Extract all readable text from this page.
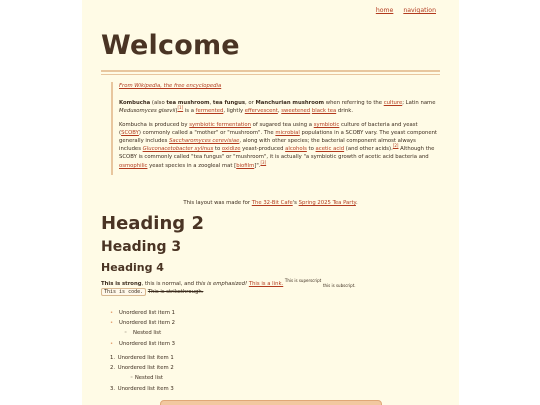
home navigation
Welcome

From Wikipedia, the free encyclopedia

Kombucha (also tea mushroom, tea fungus, or Manchurian mushroom when referring to the culture; Latin name Medusomyces gisevii)[1] is a fermented, lightly effervescent, sweetened black tea drink.

Kombucha is produced by symbiotic fermentation of sugared tea using a symbiotic culture of bacteria and yeast (SCOBY) commonly called a "mother" or "mushroom". The microbial populations in a SCOBY vary. The yeast component generally includes Saccharomyces cerevisiae, along with other species; the bacterial component almost always includes Gluconacetobacter xylinus to oxidize yeast-produced alcohols to acetic acid (and other acids).[2] Although the SCOBY is commonly called "tea fungus" or "mushroom", it is actually "a symbiotic growth of acetic acid bacteria and osmophilic yeast species in a zoogleal mat [biofilm]".[3]

This layout was made for The 32-Bit Cafe's Spring 2025 Tea Party.
Heading 2
Heading 3
Heading 4
This is strong, this is normal, and this is emphasized! This is a link. $^{This is superscript}$ $_{this is subscript.}$
This is code. This is strikethrough.
• Unordered list item 1
• Unordered list item 2
◦ Nested list
• Unordered list item 3
1. Unordered list item 1
2. Unordered list item 2
◦ Nested list
3. Unordered list item 3
